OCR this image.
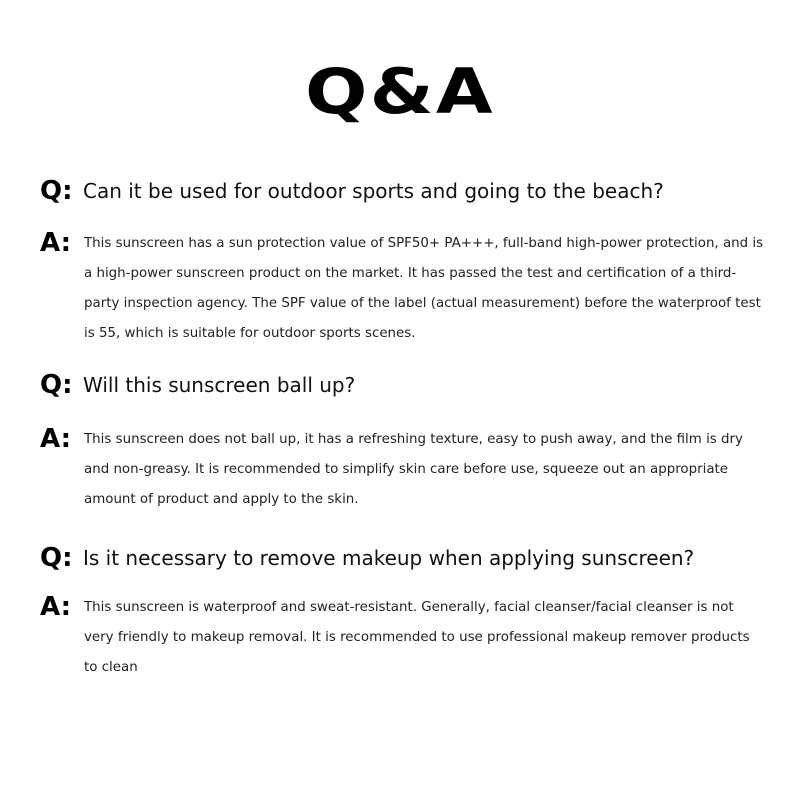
Q&A
Q: Can it be used for outdoor sports and going to the beach?
A: This sunscreen has a sun protection value of SPF50+ PA+++, full-band high-power protection, and is a high-power sunscreen product on the market. It has passed the test and certification of a third-party inspection agency. The SPF value of the label (actual measurement) before the waterproof test is 55, which is suitable for outdoor sports scenes.
Q: Will this sunscreen ball up?
A: This sunscreen does not ball up, it has a refreshing texture, easy to push away, and the film is dry and non-greasy. It is recommended to simplify skin care before use, squeeze out an appropriate amount of product and apply to the skin.
Q: Is it necessary to remove makeup when applying sunscreen?
A: This sunscreen is waterproof and sweat-resistant. Generally, facial cleanser/facial cleanser is not very friendly to makeup removal. It is recommended to use professional makeup remover products to clean
